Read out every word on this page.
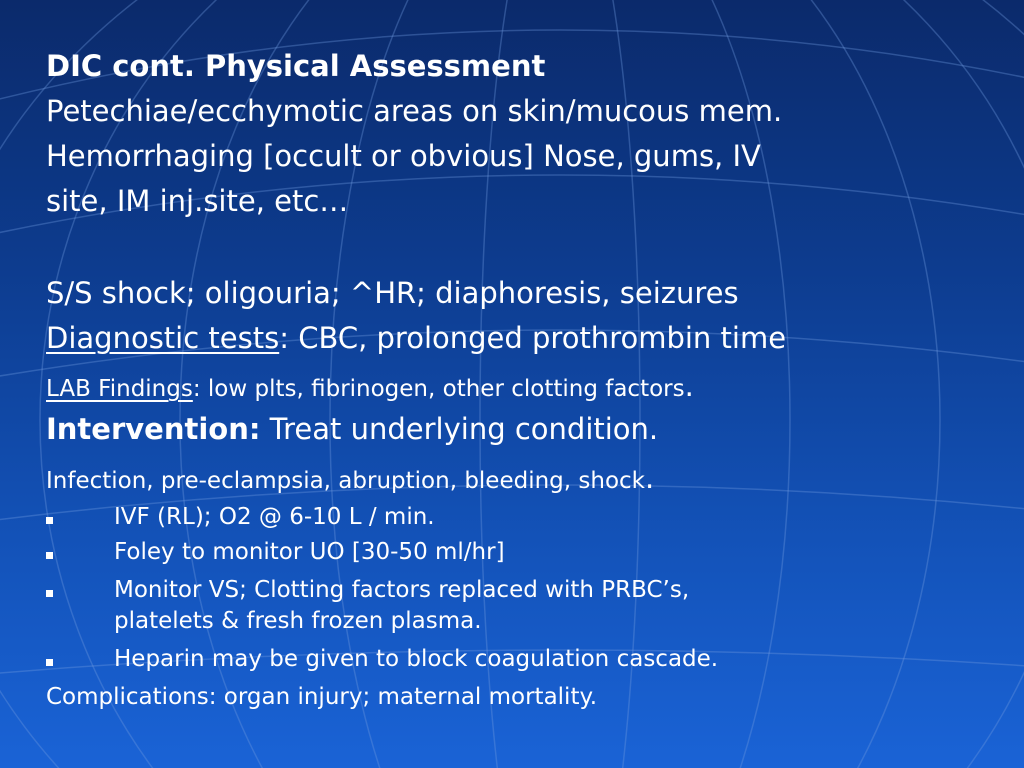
DIC cont. Physical Assessment
Petechiae/ecchymotic areas on skin/mucous mem.
Hemorrhaging [occult or obvious] Nose, gums, IV
site, IM inj.site, etc…
S/S shock; oligouria; ^HR; diaphoresis, seizures
Diagnostic tests: CBC, prolonged prothrombin time
LAB Findings: low plts, fibrinogen, other clotting factors.
Intervention: Treat underlying condition.
Infection, pre-eclampsia, abruption, bleeding, shock.
IVF (RL); O2 @ 6-10 L / min.
Foley to monitor UO [30-50 ml/hr]
Monitor VS; Clotting factors replaced with PRBC’s,
platelets & fresh frozen plasma.
Heparin may be given to block coagulation cascade.
Complications: organ injury; maternal mortality.
